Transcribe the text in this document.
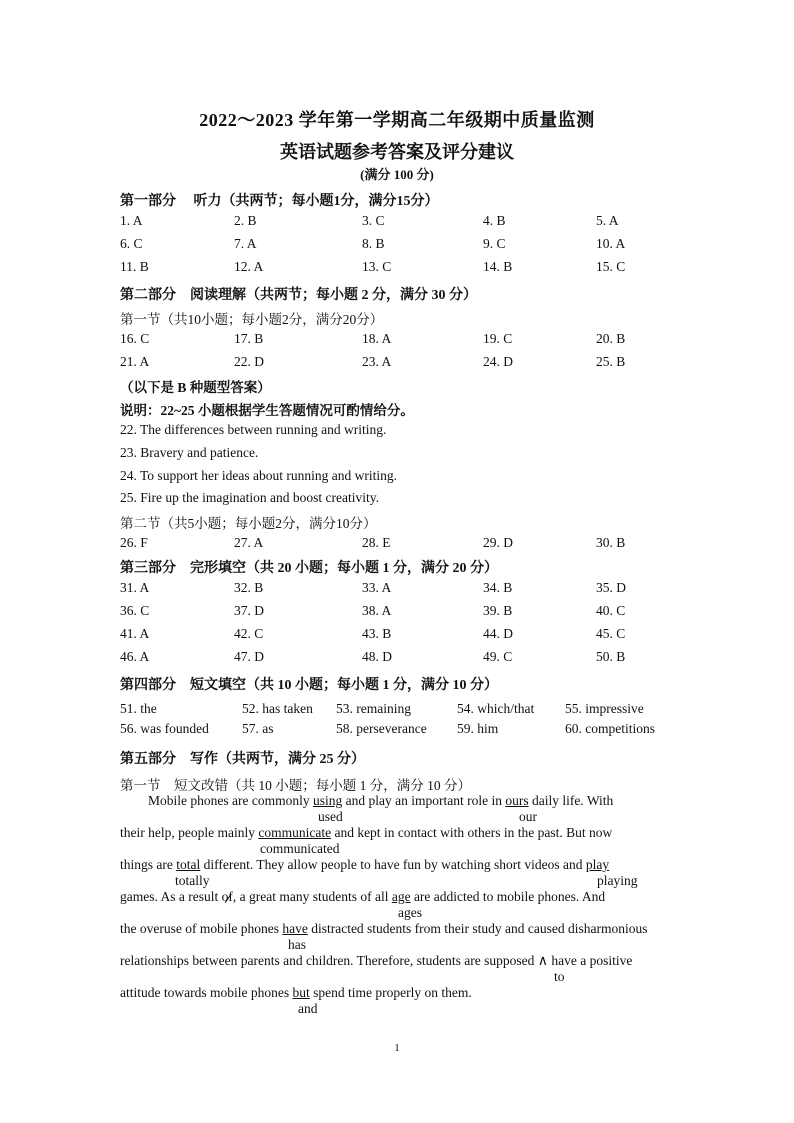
2022～2023 学年第一学期高二年级期中质量监测
英语试题参考答案及评分建议
(满分 100 分)
第一部分　 听力（共两节；每小题1分，满分15分）
1. A	2. B	3. C	4. B	5. A
6. C	7. A	8. B	9. C	10. A
11. B	12. A	13. C	14. B	15. C
第二部分　阅读理解（共两节；每小题 2 分，满分 30 分）
第一节（共10小题；每小题2分，满分20分）
16. C	17. B	18. A	19. C	20. B
21. A	22. D	23. A	24. D	25. B
（以下是 B 种题型答案）
说明：22~25 小题根据学生答题情况可酌情给分。
22. The differences between running and writing.
23. Bravery and patience.
24. To support her ideas about running and writing.
25. Fire up the imagination and boost creativity.
第二节（共5小题；每小题2分，满分10分）
26. F	27. A	28. E	29. D	30. B
第三部分　完形填空（共 20 小题；每小题 1 分，满分 20 分）
31. A	32. B	33. A	34. B	35. D
36. C	37. D	38. A	39. B	40. C
41. A	42. C	43. B	44. D	45. C
46. A	47. D	48. D	49. C	50. B
第四部分　短文填空（共 10 小题；每小题 1 分，满分 10 分）
51. the	52. has taken 53. remaining	54. which/that 55. impressive
56. was founded 57. as	58. perseverance 59. him	60. competitions
第五部分　写作（共两节，满分 25 分）
第一节　短文改错（共 10 小题；每小题 1 分，满分 10 分）
Mobile phones are commonly using and play an important role in ours daily life. With
used	our
their help, people mainly communicate and kept in contact with others in the past. But now
communicated
things are total different. They allow people to have fun by watching short videos and play
totally	playing
games. As a result of, a great many students of all age are addicted to mobile phones. And
ages
the overuse of mobile phones have distracted students from their study and caused disharmonious
has
relationships between parents and children. Therefore, students are supposed ∧ have a positive
to
attitude towards mobile phones but spend time properly on them.
and
1
